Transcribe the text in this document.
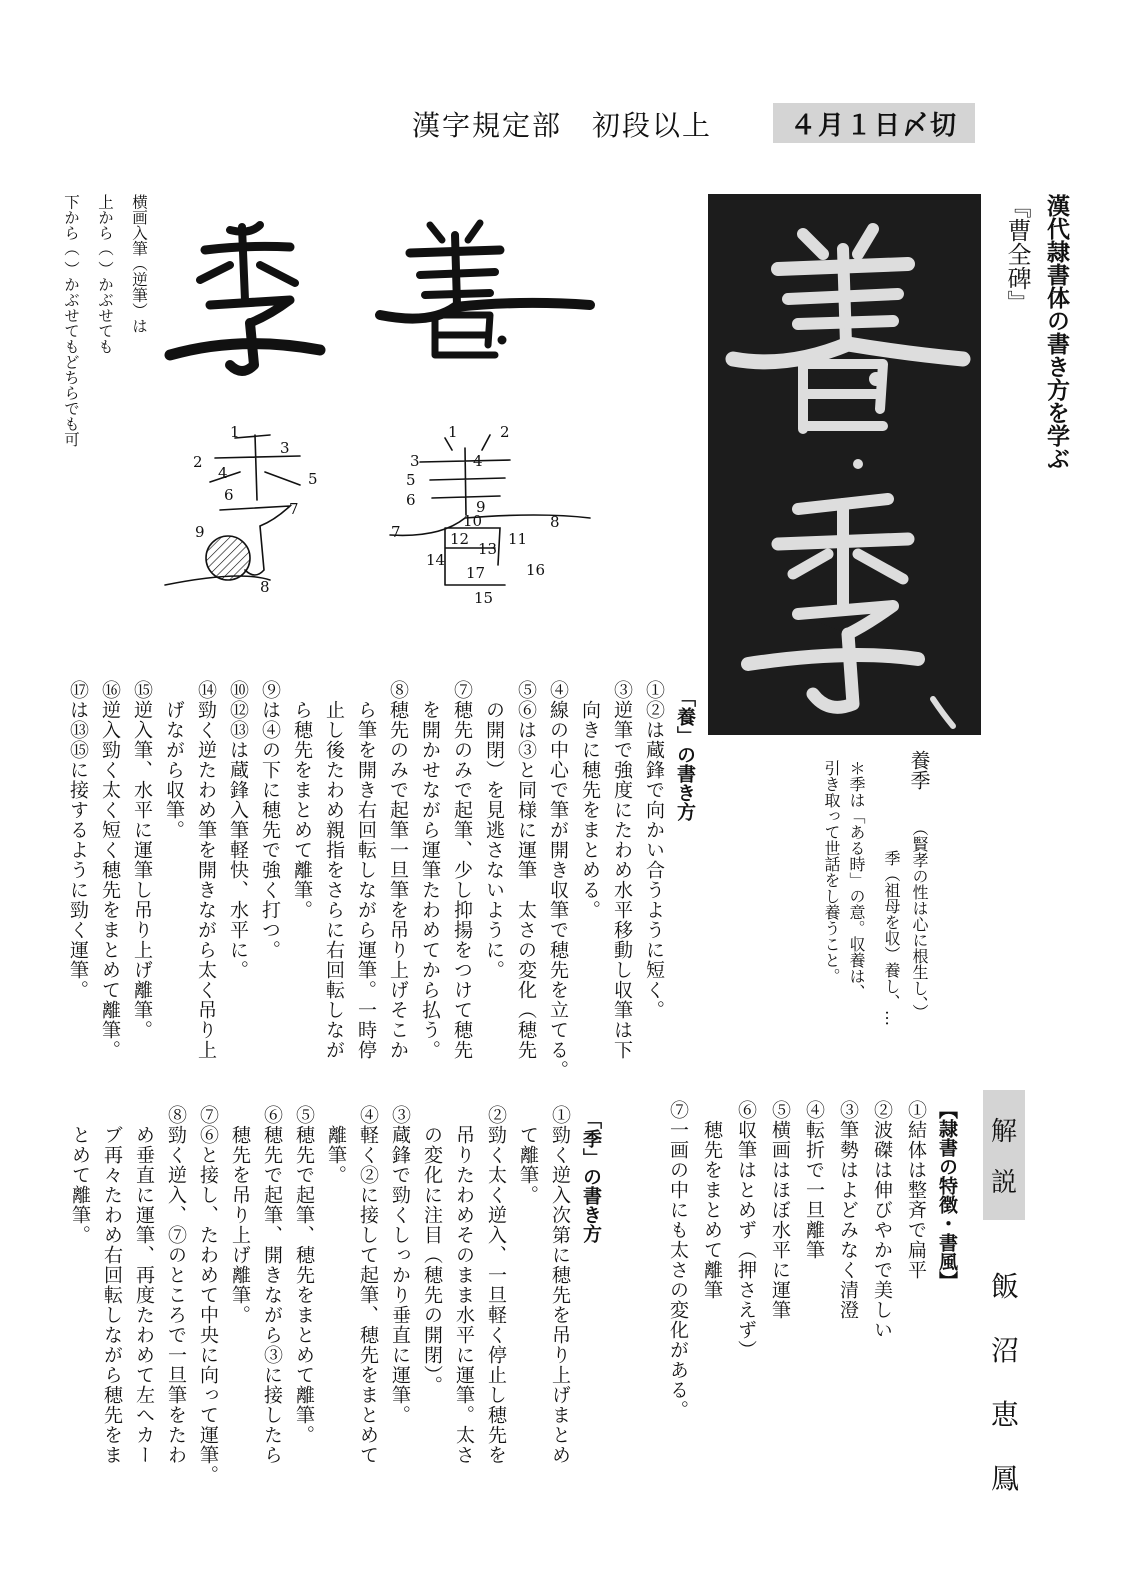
漢字規定部　初段以上	４月１日〆切
漢代隷書体の書き方を学ぶ
『曹全碑』
養季
（賢孝の性は心に根生し、）
季（祖母を収）養し、…
＊季は「ある時」の意。収養は、
引き取って世話をし養うこと。
横画入筆（逆筆）は
上から（ ）かぶせても
下から（ ）かぶせてもどちらでも可	1
2
3
4	5
6
7
8
9
1	2
3	4
5
6
7
8
9
10
11
12
13
14
15
16
17
「養」の書き方
①②は蔵鋒で向かい合うように短く。
③逆筆で強度にたわめ水平移動し収筆は下
　向きに穂先をまとめる。
④線の中心で筆が開き収筆で穂先を立てる。
⑤⑥は③と同様に運筆　太さの変化（穂先
　の開閉）を見逃さないように。
⑦穂先のみで起筆、少し抑揚をつけて穂先
　を開かせながら運筆たわめてから払う。
⑧穂先のみで起筆一旦筆を吊り上げそこか
　ら筆を開き右回転しながら運筆。一時停
　止し後たわめ親指をさらに右回転しなが
　ら穂先をまとめて離筆。
⑨は④の下に穂先で強く打つ。
⑩⑫⑬は蔵鋒入筆軽快、水平に。
⑭勁く逆たわめ筆を開きながら太く吊り上
　げながら収筆。
⑮逆入筆、水平に運筆し吊り上げ離筆。
⑯逆入勁く太く短く穂先をまとめて離筆。
⑰は⑬⑮に接するように勁く運筆。
解
説
飯
沼
恵
鳳
【隷書の特徴・書風】
①結体は整斉で扁平
②波磔は伸びやかで美しい
③筆勢はよどみなく清澄
④転折で一旦離筆
⑤横画はほぼ水平に運筆
⑥収筆はとめず（押さえず）
　穂先をまとめて離筆
⑦一画の中にも太さの変化がある。
「季」の書き方
①勁く逆入次第に穂先を吊り上げまとめ
　て離筆。
②勁く太く逆入、一旦軽く停止し穂先を
　吊りたわめそのまま水平に運筆。太さ
　の変化に注目（穂先の開閉）。
③蔵鋒で勁くしっかり垂直に運筆。
④軽く②に接して起筆、穂先をまとめて
　離筆。
⑤穂先で起筆、穂先をまとめて離筆。
⑥穂先で起筆、開きながら③に接したら
　穂先を吊り上げ離筆。
⑦⑥と接し、たわめて中央に向って運筆。
⑧勁く逆入、⑦のところで一旦筆をたわ
　め垂直に運筆、再度たわめて左へカー
　ブ再々たわめ右回転しながら穂先をま
　とめて離筆。
